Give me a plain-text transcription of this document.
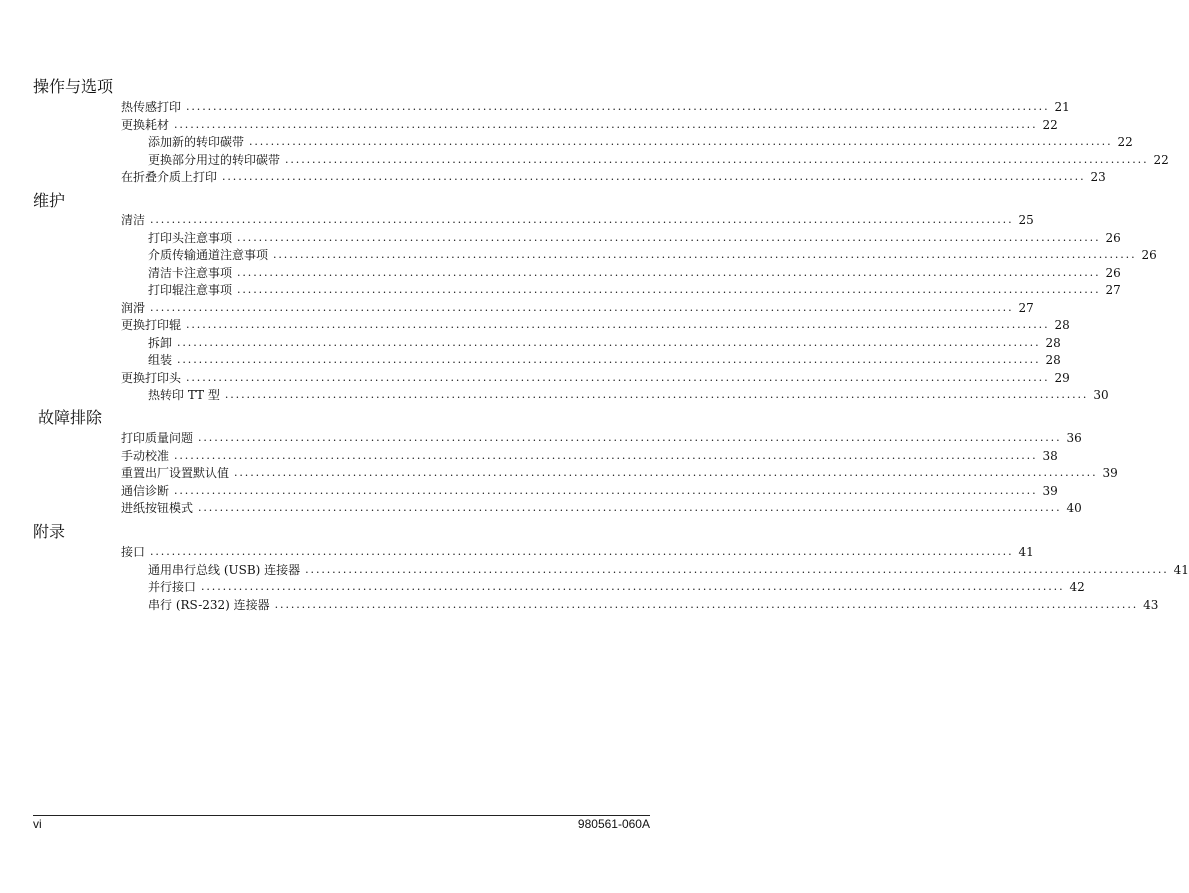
操作与选项
热传感打印 ................................................................................................................................................................ 21
更换耗材 ................................................................................................................................................................ 22
添加新的转印碳带 ................................................................................................................................................................ 22
更换部分用过的转印碳带 ................................................................................................................................................................ 22
在折叠介质上打印 ................................................................................................................................................................ 23
维护
清洁 ................................................................................................................................................................ 25
打印头注意事项 ................................................................................................................................................................ 26
介质传输通道注意事项 ................................................................................................................................................................ 26
清洁卡注意事项 ................................................................................................................................................................ 26
打印辊注意事项 ................................................................................................................................................................ 27
润滑 ................................................................................................................................................................ 27
更换打印辊 ................................................................................................................................................................ 28
拆卸 ................................................................................................................................................................ 28
组装 ................................................................................................................................................................ 28
更换打印头 ................................................................................................................................................................ 29
热转印 TT 型 ................................................................................................................................................................ 30
故障排除
打印质量问题 ................................................................................................................................................................ 36
手动校准 ................................................................................................................................................................ 38
重置出厂设置默认值 ................................................................................................................................................................ 39
通信诊断 ................................................................................................................................................................ 39
进纸按钮模式 ................................................................................................................................................................ 40
附录
接口 ................................................................................................................................................................ 41
通用串行总线 (USB) 连接器 ................................................................................................................................................................ 41
并行接口 ................................................................................................................................................................ 42
串行 (RS-232) 连接器 ................................................................................................................................................................ 43
vi	980561-060A
